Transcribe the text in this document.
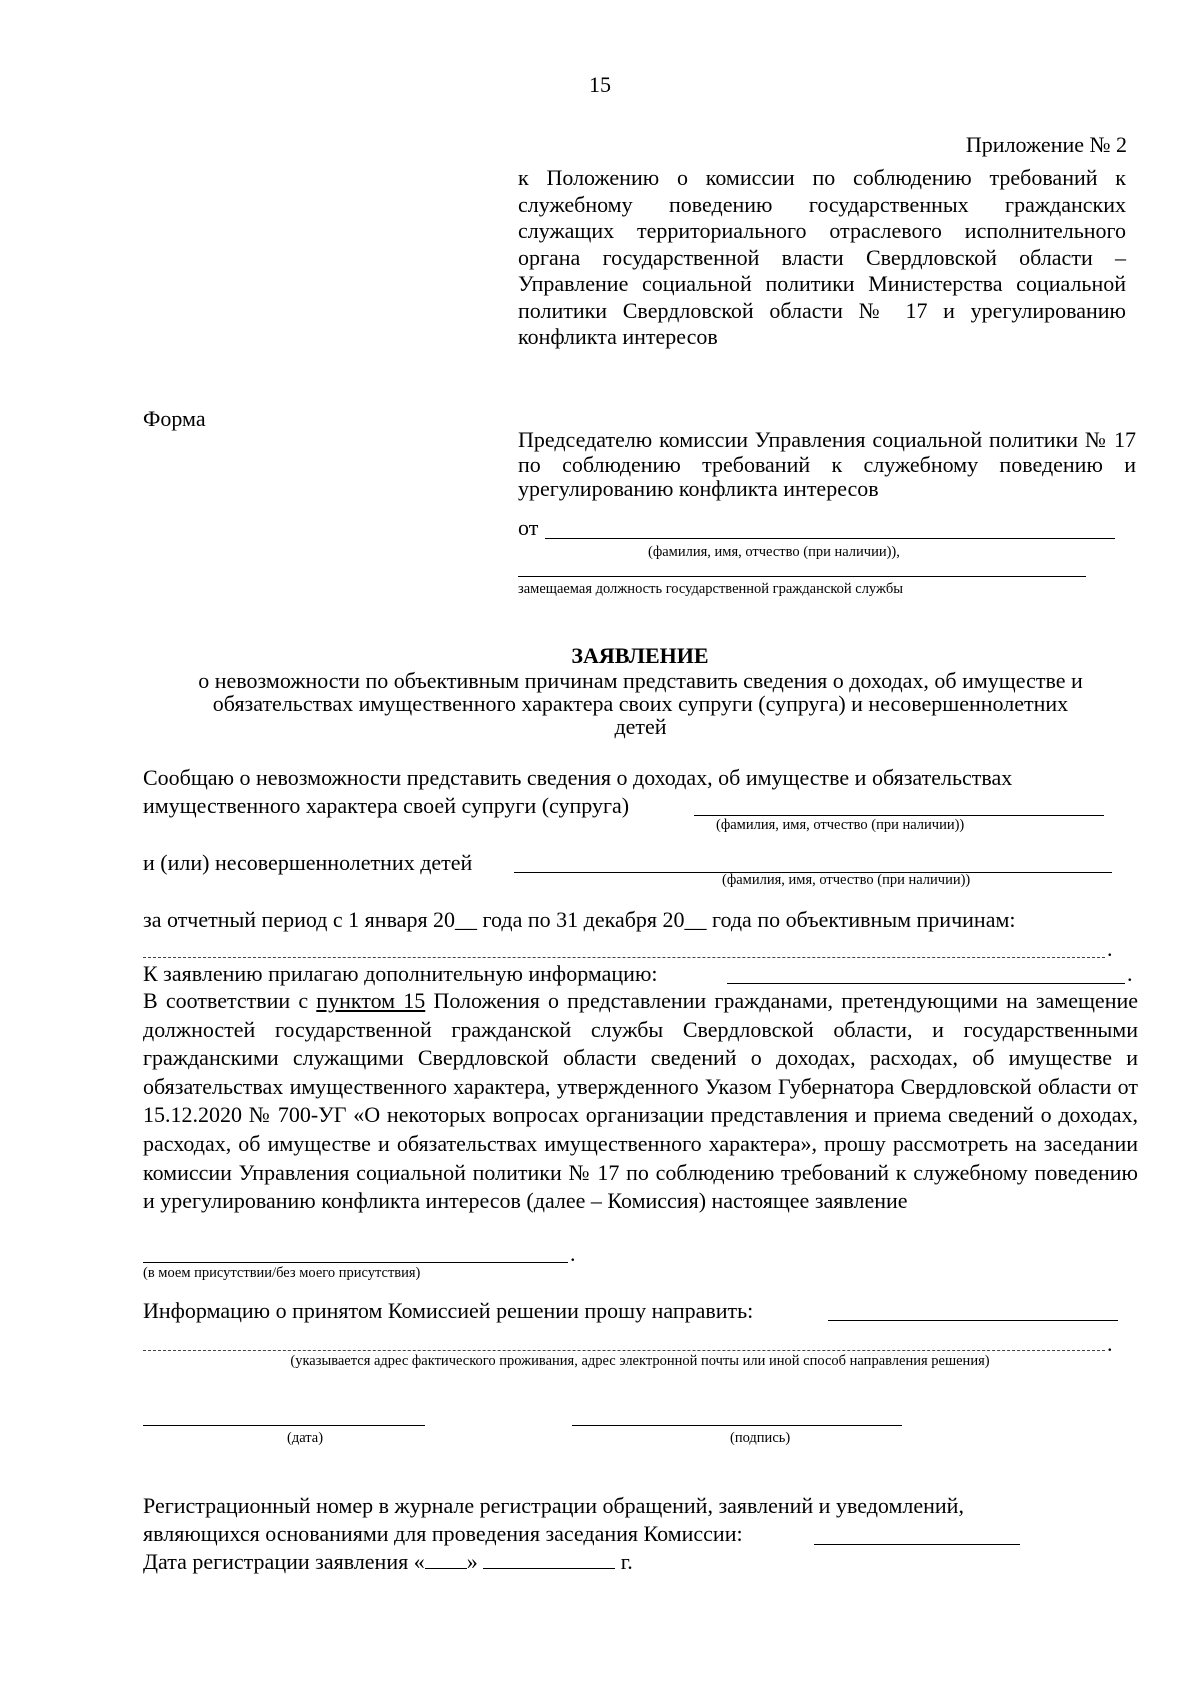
15
Приложение № 2
к Положению о комиссии по соблюдению требований к служебному поведению государственных гражданских служащих территориального отраслевого исполнительного органа государственной власти Свердловской области – Управление социальной политики Министерства социальной политики Свердловской области № 17 и урегулированию конфликта интересов
Форма
Председателю комиссии Управления социальной политики № 17 по соблюдению требований к служебному поведению и урегулированию конфликта интересов
от
(фамилия, имя, отчество (при наличии)),
замещаемая должность государственной гражданской службы
ЗАЯВЛЕНИЕ
о невозможности по объективным причинам представить сведения о доходах, об имуществе и
обязательствах имущественного характера своих супруги (супруга) и несовершеннолетних
детей
Сообщаю о невозможности представить сведения о доходах, об имуществе и обязательствах
имущественного характера своей супруги (супруга)
(фамилия, имя, отчество (при наличии))
и (или) несовершеннолетних детей
(фамилия, имя, отчество (при наличии))
за отчетный период с 1 января 20__ года по 31 декабря 20__ года по объективным причинам:
.
К заявлению прилагаю дополнительную информацию:	.
В соответствии с пунктом 15 Положения о представлении гражданами, претендующими на замещение должностей государственной гражданской службы Свердловской области, и государственными гражданскими служащими Свердловской области сведений о доходах, расходах, об имуществе и обязательствах имущественного характера, утвержденного Указом Губернатора Свердловской области от 15.12.2020 № 700-УГ «О некоторых вопросах организации представления и приема сведений о доходах, расходах, об имуществе и обязательствах имущественного характера», прошу рассмотреть на заседании комиссии Управления социальной политики № 17 по соблюдению требований к служебному поведению и урегулированию конфликта интересов (далее – Комиссия) настоящее заявление
.
(в моем присутствии/без моего присутствия)
Информацию о принятом Комиссией решении прошу направить:
.
(указывается адрес фактического проживания, адрес электронной почты или иной способ направления решения)
(дата)	(подпись)
Регистрационный номер в журнале регистрации обращений, заявлений и уведомлений,
являющихся основаниями для проведения заседания Комиссии:
Дата регистрации заявления « »	г.
